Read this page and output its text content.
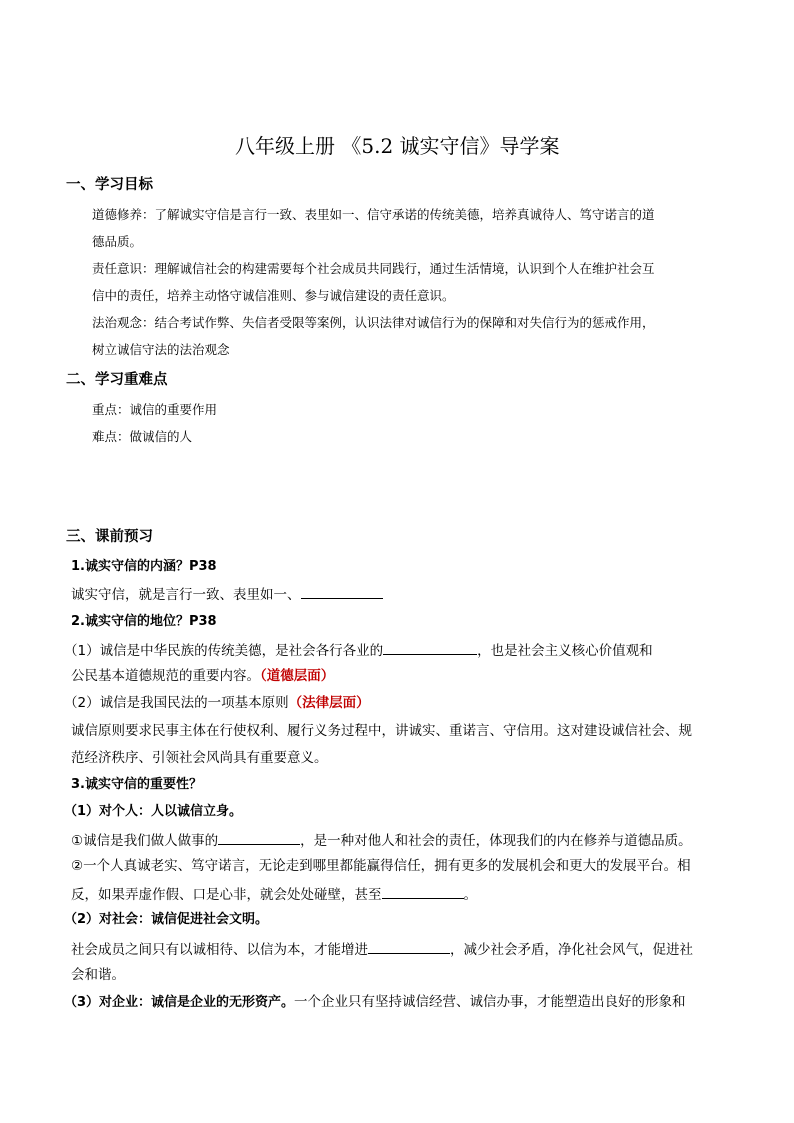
八年级上册 《5.2 诚实守信》导学案
一、学习目标
道德修养：了解诚实守信是言行一致、表里如一、信守承诺的传统美德，培养真诚待人、笃守诺言的道
德品质。
责任意识：理解诚信社会的构建需要每个社会成员共同践行，通过生活情境，认识到个人在维护社会互
信中的责任，培养主动恪守诚信准则、参与诚信建设的责任意识。
法治观念：结合考试作弊、失信者受限等案例，认识法律对诚信行为的保障和对失信行为的惩戒作用，
树立诚信守法的法治观念
二、学习重难点
重点：诚信的重要作用
难点：做诚信的人
三、课前预习
1.诚实守信的内涵？P38
诚实守信，就是言行一致、表里如一、
2.诚实守信的地位？P38
（1）诚信是中华民族的传统美德，是社会各行各业的	，也是社会主义核心价值观和
公民基本道德规范的重要内容。（道德层面）
（2）诚信是我国民法的一项基本原则（法律层面）
诚信原则要求民事主体在行使权利、履行义务过程中，讲诚实、重诺言、守信用。这对建设诚信社会、规
范经济秩序、引领社会风尚具有重要意义。
3.诚实守信的重要性？
（1）对个人：人以诚信立身。
①诚信是我们做人做事的	，是一种对他人和社会的责任，体现我们的内在修养与道德品质。
②一个人真诚老实、笃守诺言，无论走到哪里都能赢得信任，拥有更多的发展机会和更大的发展平台。相
反，如果弄虚作假、口是心非，就会处处碰壁，甚至	。
（2）对社会：诚信促进社会文明。
社会成员之间只有以诚相待、以信为本，才能增进	，减少社会矛盾，净化社会风气，促进社
会和谐。
（3）对企业：诚信是企业的无形资产。一个企业只有坚持诚信经营、诚信办事，才能塑造出良好的形象和
